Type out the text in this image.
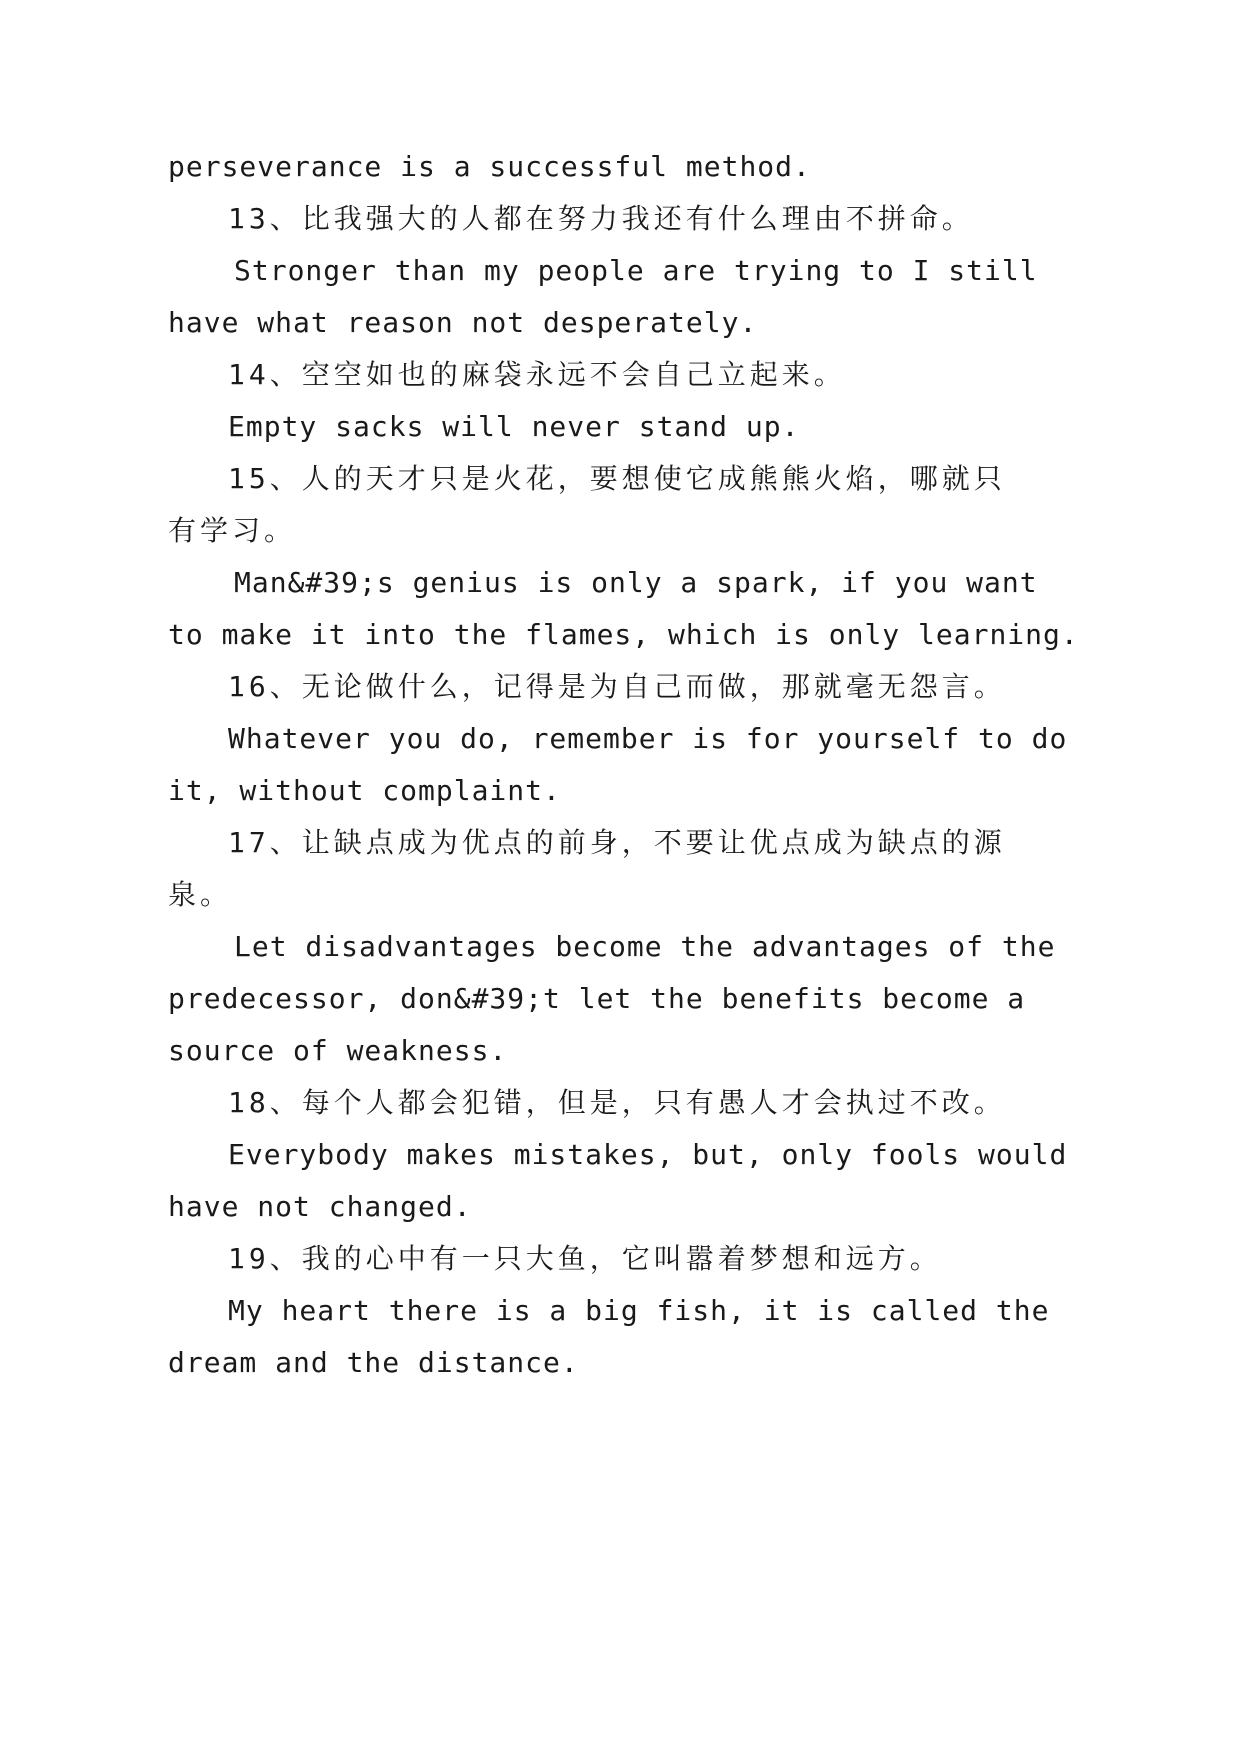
perseverance is a successful method.
13、比我强大的人都在努力我还有什么理由不拼命。
Stronger than my people are trying to I still
have what reason not desperately.
14、空空如也的麻袋永远不会自己立起来。
Empty sacks will never stand up.
15、人的天才只是火花，要想使它成熊熊火焰，哪就只
有学习。
Man&#39;s genius is only a spark, if you want
to make it into the flames, which is only learning.
16、无论做什么，记得是为自己而做，那就毫无怨言。
Whatever you do, remember is for yourself to do
it, without complaint.
17、让缺点成为优点的前身，不要让优点成为缺点的源
泉。
Let disadvantages become the advantages of the
predecessor, don&#39;t let the benefits become a
source of weakness.
18、每个人都会犯错，但是，只有愚人才会执过不改。
Everybody makes mistakes, but, only fools would
have not changed.
19、我的心中有一只大鱼，它叫嚣着梦想和远方。
My heart there is a big fish, it is called the
dream and the distance.
